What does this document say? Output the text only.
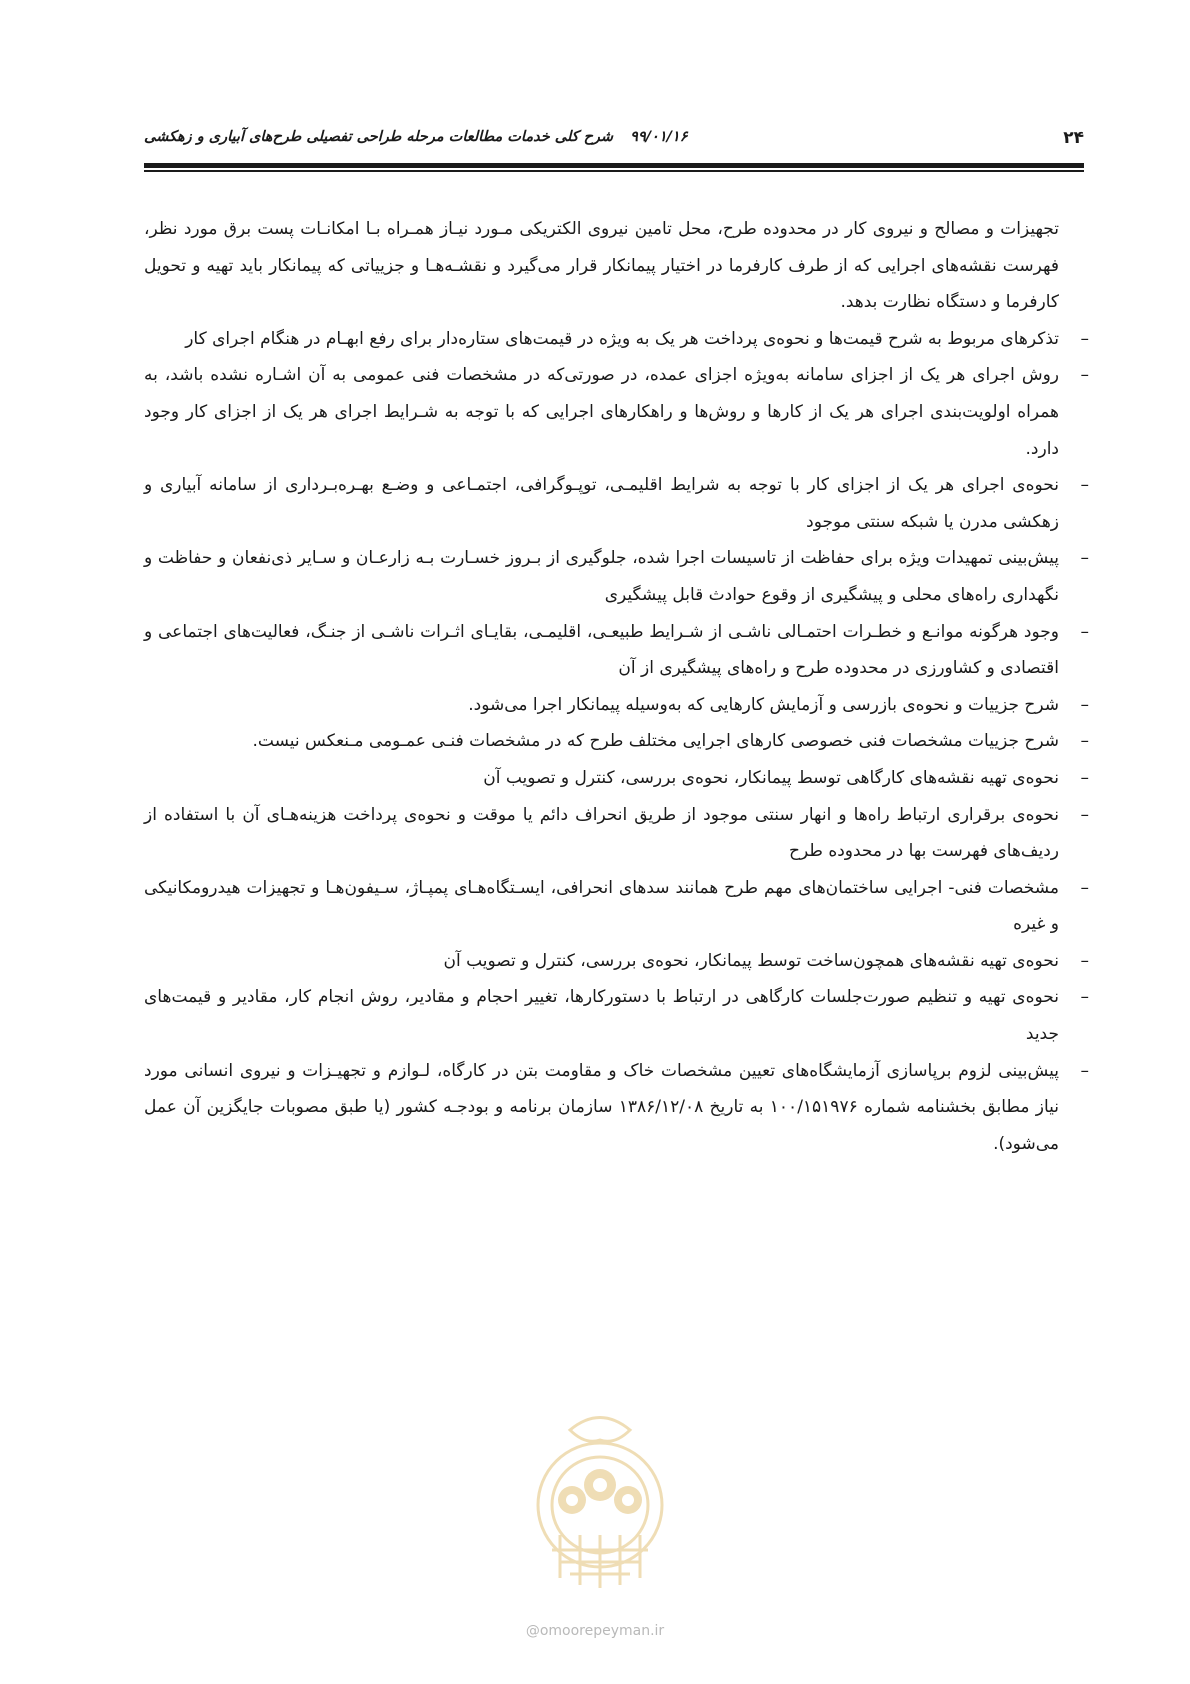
۲۴
۹۹/۰۱/۱۶ شرح کلی خدمات مطالعات مرحله طراحی تفصیلی طرح‌های آبیاری و زهکشی

تجهیزات و مصالح و نیروی کار در محدوده طرح، محل تامین نیروی الکتریکی مـورد نیـاز همـراه بـا امکانـات پست برق مورد نظر، فهرست نقشه‌های اجرایی که از طرف کارفرما در اختیار پیمانکار قرار می‌گیرد و نقشـه‌هـا و جزییاتی که پیمانکار باید تهیه و تحویل کارفرما و دستگاه نظارت بدهد.

–
تذکرهای مربوط به شرح قیمت‌ها و نحوه‌ی پرداخت هر یک به ویژه در قیمت‌های ستاره‌دار برای رفع ابهـام در هنگام اجرای کار
–
روش اجرای هر یک از اجزای سامانه به‌ویژه اجزای عمده، در صورتی‌که در مشخصات فنی عمومی به آن اشـاره نشده باشد، به همراه اولویت‌بندی اجرای هر یک از کارها و روش‌ها و راهکارهای اجرایی که با توجه به شـرایط اجرای هر یک از اجزای کار وجود دارد.
–
نحوه‌ی اجرای هر یک از اجزای کار با توجه به شرایط اقلیمـی، توپـوگرافی، اجتمـاعی و وضـع بهـره‌بـرداری از سامانه آبیاری و زهکشی مدرن یا شبکه سنتی موجود
–
پیش‌بینی تمهیدات ویژه برای حفاظت از تاسیسات اجرا شده، جلوگیری از بـروز خسـارت بـه زارعـان و سـایر ذی‌نفعان و حفاظت و نگهداری راه‌های محلی و پیشگیری از وقوع حوادث قابل پیشگیری
–
وجود هرگونه موانـع و خطـرات احتمـالی ناشـی از شـرایط طبیعـی، اقلیمـی، بقایـای اثـرات ناشـی از جنـگ، فعالیت‌های اجتماعی و اقتصادی و کشاورزی در محدوده طرح و راه‌های پیشگیری از آن
–
شرح جزییات و نحوه‌ی بازرسی و آزمایش کارهایی که به‌وسیله پیمانکار اجرا می‌شود.
–
شرح جزییات مشخصات فنی خصوصی کارهای اجرایی مختلف طرح که در مشخصات فنـی عمـومی مـنعکس نیست.
–
نحوه‌ی تهیه نقشه‌های کارگاهی توسط پیمانکار، نحوه‌ی بررسی، کنترل و تصویب آن
–
نحوه‌ی برقراری ارتباط راه‌ها و انهار سنتی موجود از طریق انحراف دائم یا موقت و نحوه‌ی پرداخت هزینه‌هـای آن با استفاده از ردیف‌های فهرست بها در محدوده طرح
–
مشخصات فنی- اجرایی ساختمان‌های مهم طرح همانند سدهای انحرافی، ایسـتگاه‌هـای پمپـاژ، سـیفون‌هـا و تجهیزات هیدرومکانیکی و غیره
–
نحوه‌ی تهیه نقشه‌های همچون‌ساخت توسط پیمانکار، نحوه‌ی بررسی، کنترل و تصویب آن
–
نحوه‌ی تهیه و تنظیم صورت‌جلسات کارگاهی در ارتباط با دستورکارها، تغییر احجام و مقادیر، روش انجام کار، مقادیر و قیمت‌های جدید
–
پیش‌بینی لزوم برپاسازی آزمایشگاه‌های تعیین مشخصات خاک و مقاومت بتن در کارگاه، لـوازم و تجهیـزات و نیروی انسانی مورد نیاز مطابق بخشنامه شماره ۱۰۰/۱۵۱۹۷۶ به تاریخ ۱۳۸۶/۱۲/۰۸ سازمان برنامه و بودجـه کشور (یا طبق مصوبات جایگزین آن عمل می‌شود).
@omoorepeyman.ir
